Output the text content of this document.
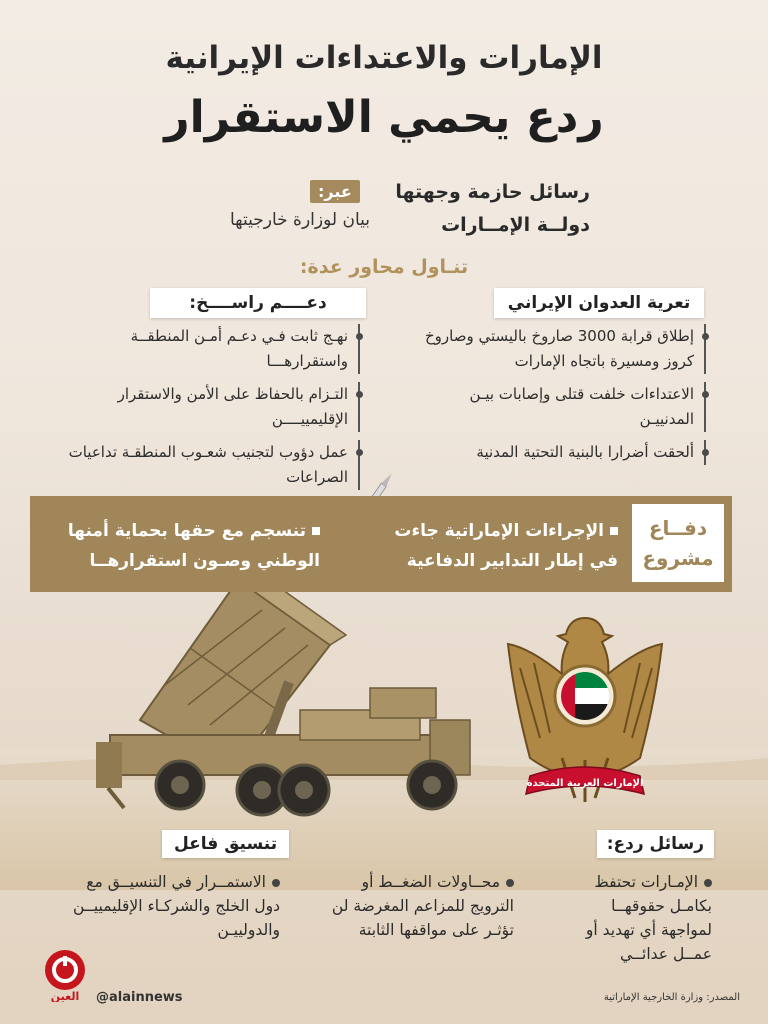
الإمارات العربية المتحدة
الإمارات والاعتداءات الإيرانية
ردع يحمي الاستقرار
رسائل حازمة وجهتها
دولــة الإمــارات
عبر:
بيان لوزارة خارجيتها
تنـاول محاور عدة:
تعرية العدوان الإيراني
دعــــم راســــخ:
إطلاق قرابة 3000 صاروخ باليستي وصاروخ كروز ومسيرة باتجاه الإمارات
الاعتداءات خلفت قتلى وإصابات بيـن المدنييـن
ألحقت أضرارا بالبنية التحتية المدنية
نهـج ثابت فـي دعـم أمـن المنطقــة واستقرارهـــا
التـزام بالحفاظ على الأمن والاستقرار الإقليمييــــن
عمل دؤوب لتجنيب شعـوب المنطقـة تداعيات الصراعات
دفــاع
مشروع
الإجراءات الإماراتية جاءت في إطار التدابير الدفاعية
تنسجم مع حقها بحماية أمنها الوطني وصـون استقرارهــا
رسائل ردع:
تنسيق فاعل
الإمـارات تحتفظ بكامـل حقوقهــا لمواجهة أي تهديد أو عمــل عدائــي
محــاولات الضغــط أو الترويج للمزاعم المغرضة لن تؤثـر على مواقفها الثابتة
الاستمــرار في التنسيــق مع دول الخلج والشركـاء الإقليمييــن والدولييـن
العين @alainnews	المصدر: وزارة الخارجية الإماراتية
